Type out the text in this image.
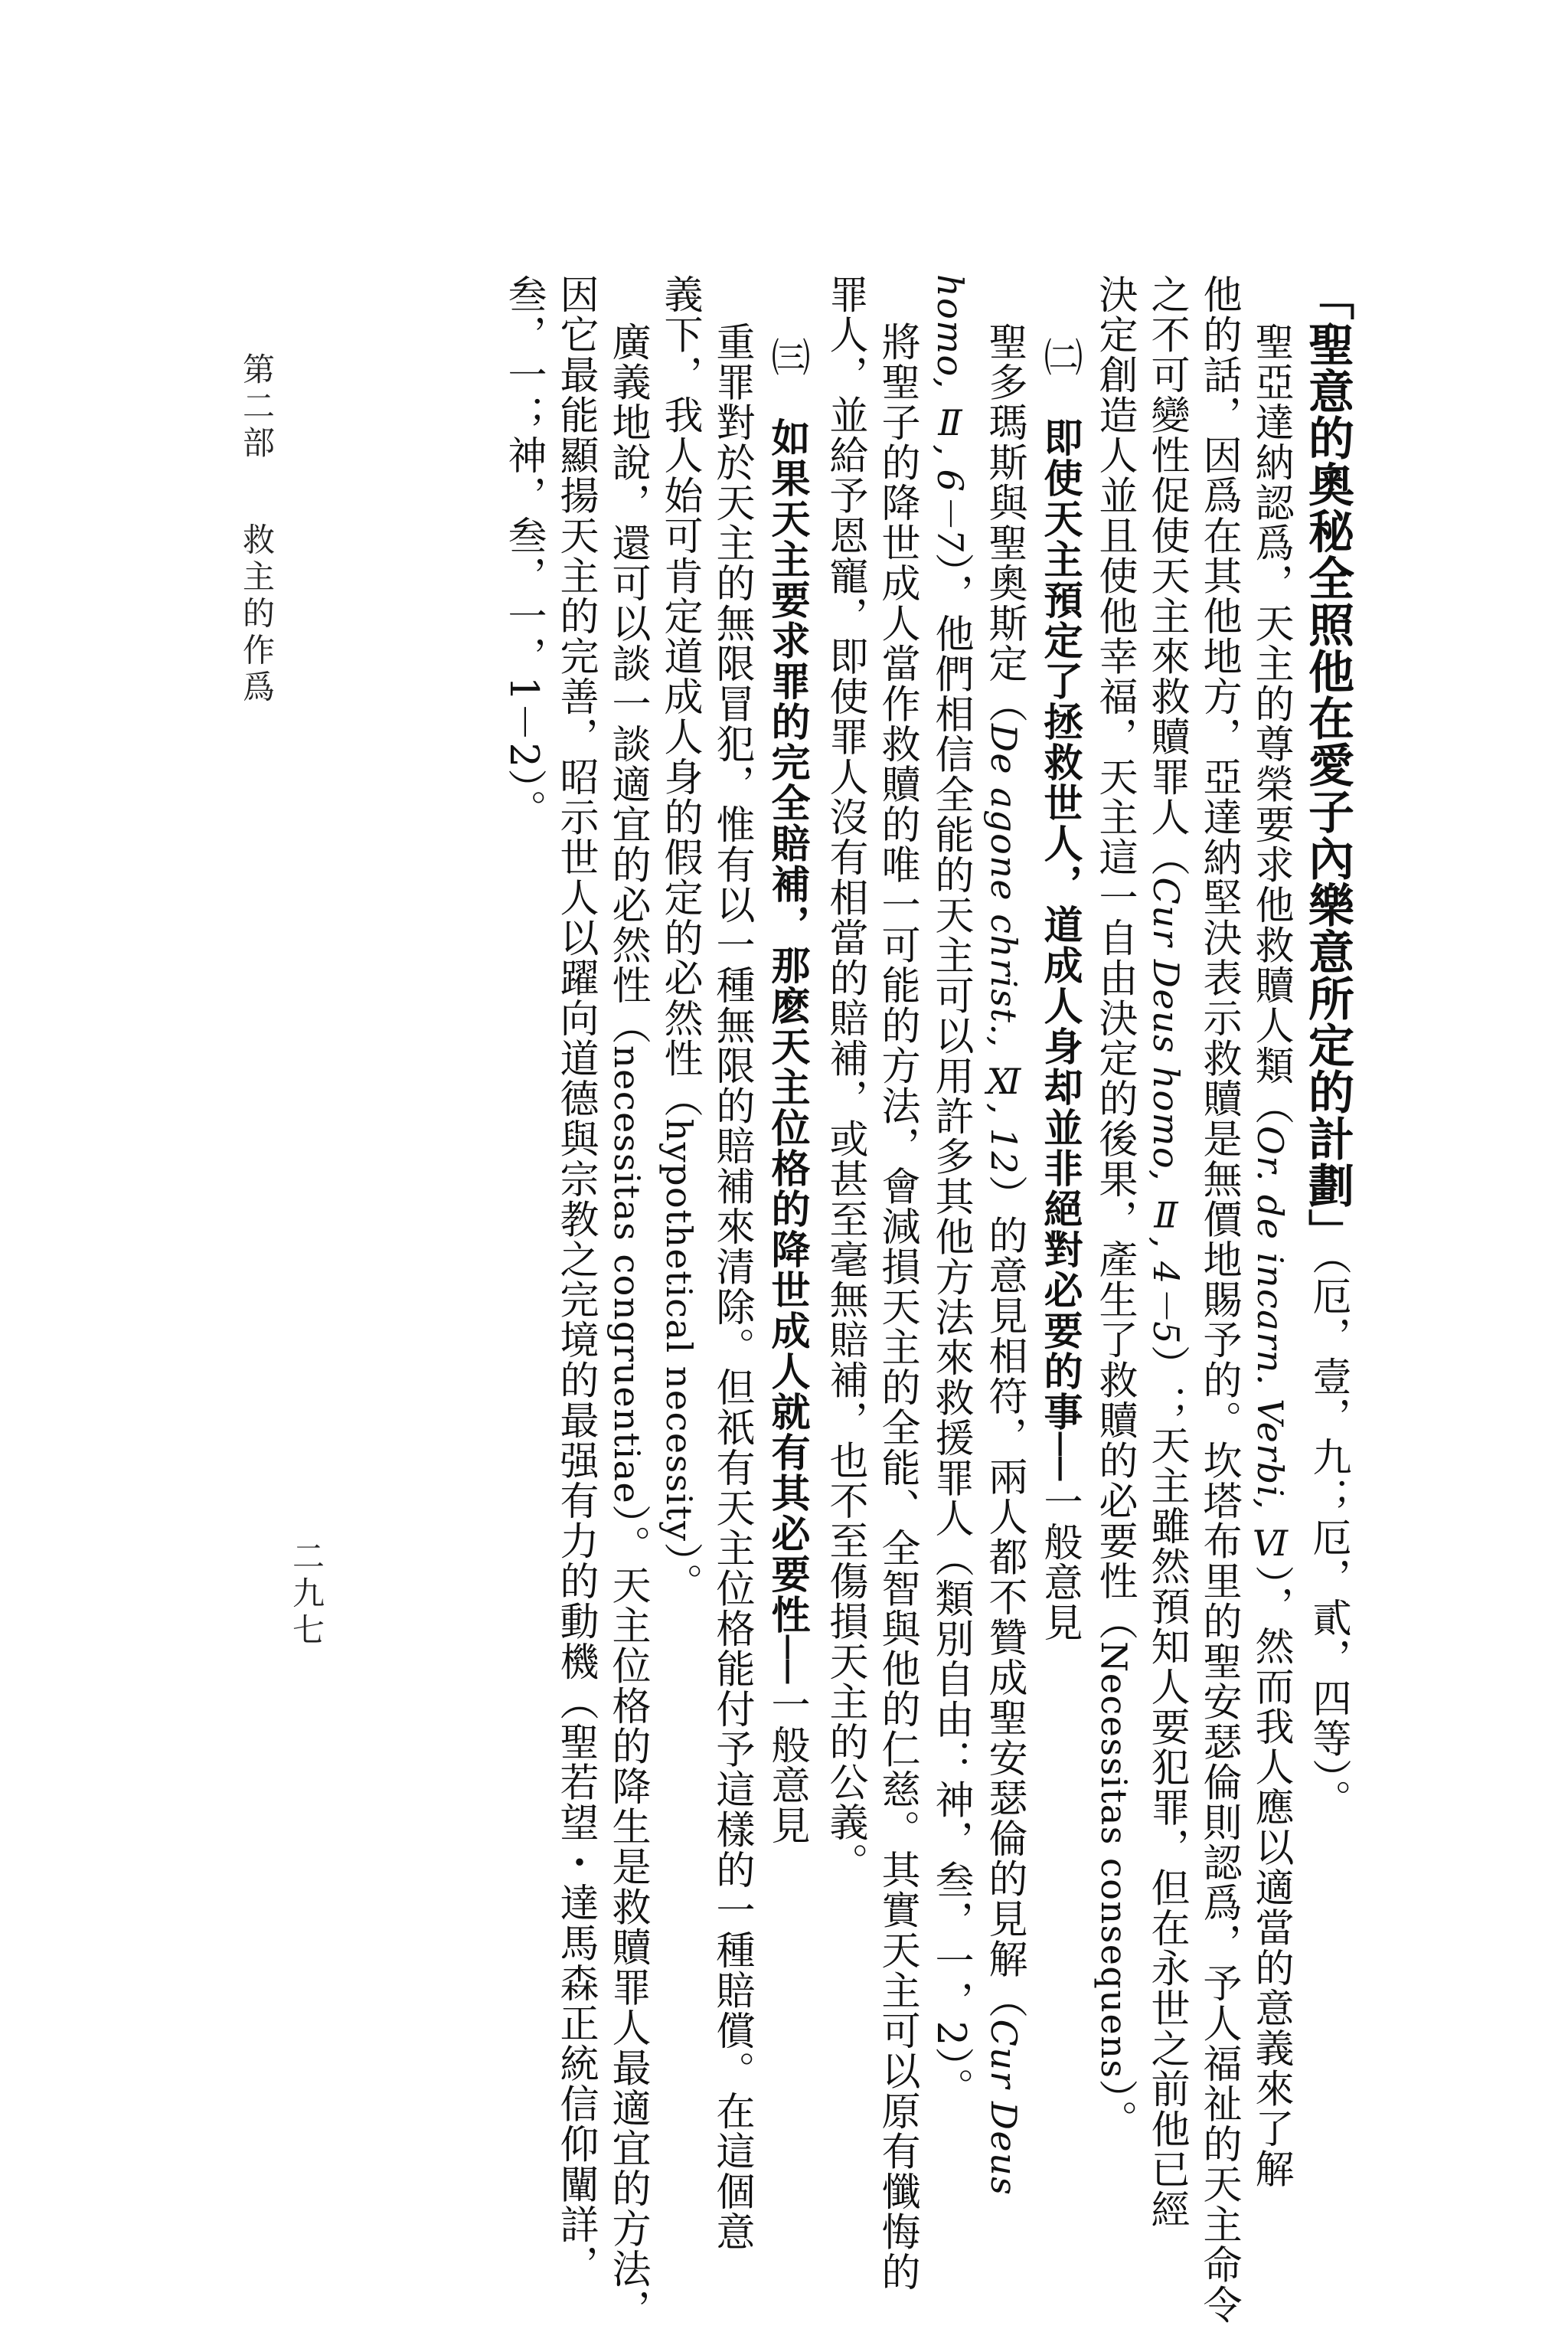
「聖意的奧秘全照他在愛子內樂意所定的計劃」（厄，壹，九；厄，貳，四等）。
聖亞達納認爲，天主的尊榮要求他救贖人類（Or. de incarn. Verbi, Ⅵ），然而我人應以適當的意義來了解
他的話，因爲在其他地方，亞達納堅決表示救贖是無價地賜予的。坎塔布里的聖安瑟倫則認爲，予人福祉的天主命令
之不可變性促使天主來救贖罪人（Cur Deus homo, Ⅱ, 4－5）；天主雖然預知人要犯罪，但在永世之前他已經
決定創造人並且使他幸福，天主這一自由決定的後果，產生了救贖的必要性（Necessitas consequens）。
㈡　即使天主預定了拯救世人，道成人身却並非絕對必要的事──一般意見
聖多瑪斯與聖奧斯定（De agone christ., Ⅺ, 12）的意見相符，兩人都不贊成聖安瑟倫的見解（Cur Deus
homo, Ⅱ, 6－7），他們相信全能的天主可以用許多其他方法來救援罪人（類別自由：神，叁，一，2）。
將聖子的降世成人當作救贖的唯一可能的方法，會減損天主的全能、全智與他的仁慈。其實天主可以原有懺悔的
罪人，並給予恩寵，即使罪人沒有相當的賠補，或甚至毫無賠補，也不至傷損天主的公義。
㈢　如果天主要求罪的完全賠補，那麽天主位格的降世成人就有其必要性──一般意見
重罪對於天主的無限冒犯，惟有以一種無限的賠補來清除。但祇有天主位格能付予這樣的一種賠償。在這個意
義下，我人始可肯定道成人身的假定的必然性（hypothetical necessity）。
廣義地說，還可以談一談適宜的必然性（necessitas congruentiae）。天主位格的降生是救贖罪人最適宜的方法，
因它最能顯揚天主的完善，昭示世人以躍向道德與宗教之完境的最强有力的動機（聖若望・達馬森正統信仰闡詳，
叁，一；神，叁，一，1－2）。
二九七
第二部  救主的作爲
